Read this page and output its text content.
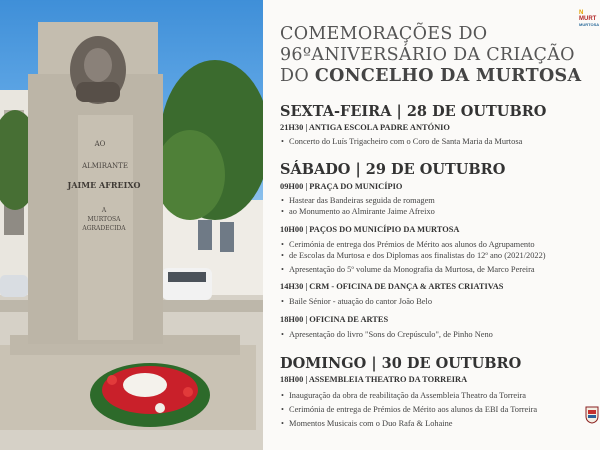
AO
ALMIRANTE
JAIME AFREIXO
A
MURTOSA
AGRADECIDA
N
MURT
MURTOSA
COMEMORAÇÕES DO
96ºANIVERSÁRIO DA CRIAÇÃO
DO CONCELHO DA MURTOSA
SEXTA-FEIRA | 28 DE OUTUBRO
21H30 | ANTIGA ESCOLA PADRE ANTÓNIO
• Concerto do Luís Trigacheiro com o Coro de Santa Maria da Murtosa
SÁBADO | 29 DE OUTUBRO
09H00 | PRAÇA DO MUNICÍPIO
• Hastear das Bandeiras seguida de romagem
• ao Monumento ao Almirante Jaime Afreixo
10H00 | PAÇOS DO MUNICÍPIO DA MURTOSA
• Cerimónia de entrega dos Prémios de Mérito aos alunos do Agrupamento
• de Escolas da Murtosa e dos Diplomas aos finalistas do 12º ano (2021/2022)
• Apresentação do 5º volume da Monografia da Murtosa, de Marco Pereira
14H30 | CRM - OFICINA DE DANÇA & ARTES CRIATIVAS
• Baile Sénior - atuação do cantor João Belo
18H00 | OFICINA DE ARTES
• Apresentação do livro "Sons do Crepúsculo", de Pinho Neno
DOMINGO | 30 DE OUTUBRO
18H00 | ASSEMBLEIA THEATRO DA TORREIRA
• Inauguração da obra de reabilitação da Assembleia Theatro da Torreira
• Cerimónia de entrega de Prémios de Mérito aos alunos da EBI da Torreira
• Momentos Musicais com o Duo Rafa & Lohaine
